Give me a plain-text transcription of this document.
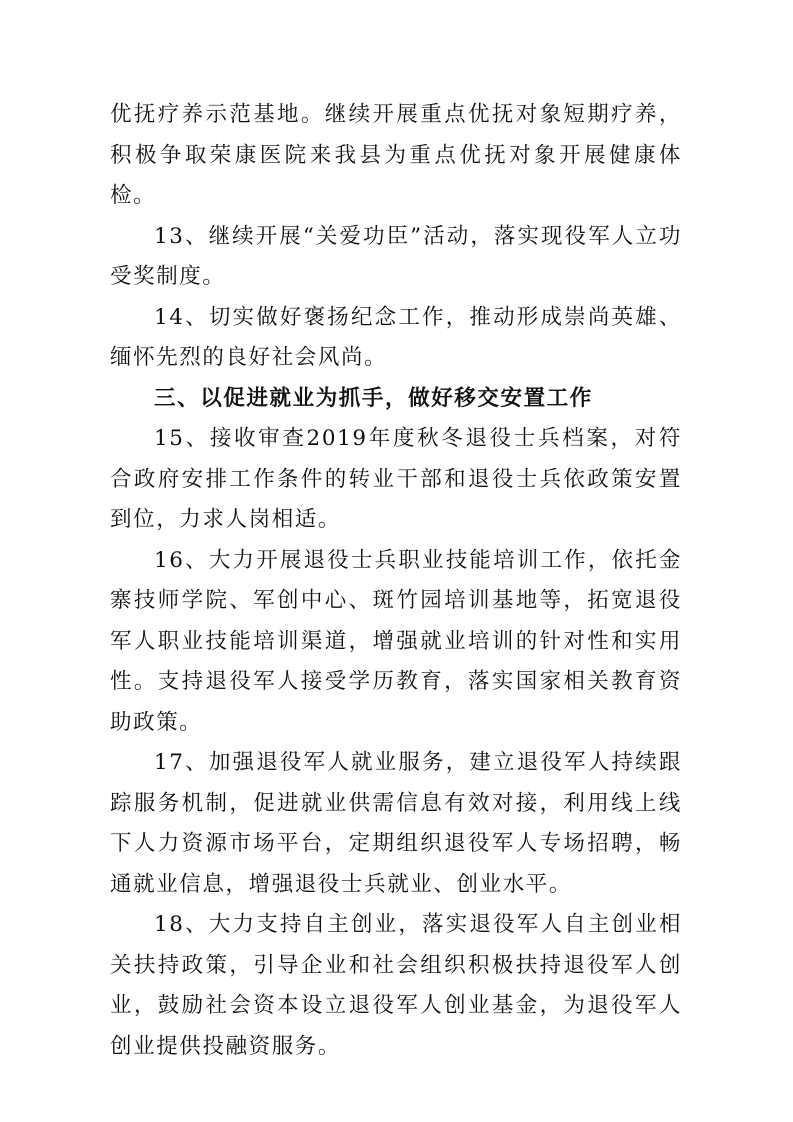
优抚疗养示范基地。继续开展重点优抚对象短期疗养，积极争取荣康医院来我县为重点优抚对象开展健康体检。

13、继续开展“关爱功臣”活动，落实现役军人立功受奖制度。

14、切实做好褒扬纪念工作，推动形成崇尚英雄、缅怀先烈的良好社会风尚。

三、以促进就业为抓手，做好移交安置工作

15、接收审查2019年度秋冬退役士兵档案，对符合政府安排工作条件的转业干部和退役士兵依政策安置到位，力求人岗相适。

16、大力开展退役士兵职业技能培训工作，依托金寨技师学院、军创中心、斑竹园培训基地等，拓宽退役军人职业技能培训渠道，增强就业培训的针对性和实用性。支持退役军人接受学历教育，落实国家相关教育资助政策。

17、加强退役军人就业服务，建立退役军人持续跟踪服务机制，促进就业供需信息有效对接，利用线上线下人力资源市场平台，定期组织退役军人专场招聘，畅通就业信息，增强退役士兵就业、创业水平。

18、大力支持自主创业，落实退役军人自主创业相关扶持政策，引导企业和社会组织积极扶持退役军人创业，鼓励社会资本设立退役军人创业基金，为退役军人创业提供投融资服务。
